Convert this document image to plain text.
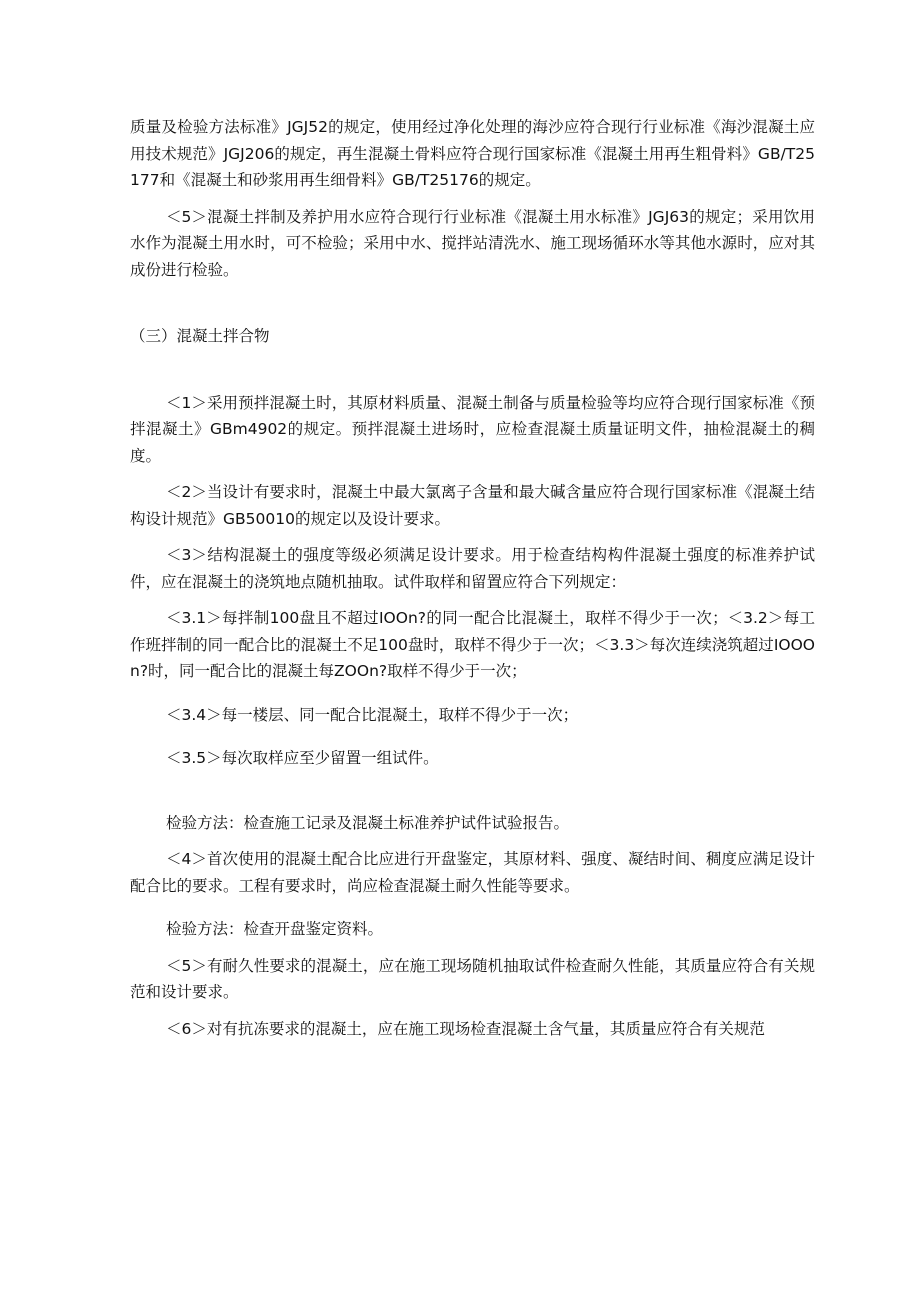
质量及检验方法标准》JGJ52的规定，使用经过净化处理的海沙应符合现行行业标准《海沙混凝土应用技术规范》JGJ206的规定，再生混凝土骨料应符合现行国家标准《混凝土用再生粗骨料》GB/T25177和《混凝土和砂浆用再生细骨料》GB/T25176的规定。

＜5＞混凝土拌制及养护用水应符合现行行业标准《混凝土用水标准》JGJ63的规定；采用饮用水作为混凝土用水时，可不检验；采用中水、搅拌站清洗水、施工现场循环水等其他水源时，应对其成份进行检验。

（三）混凝土拌合物

＜1＞采用预拌混凝土时，其原材料质量、混凝土制备与质量检验等均应符合现行国家标准《预拌混凝土》GBm4902的规定。预拌混凝土进场时，应检查混凝土质量证明文件，抽检混凝土的稠度。

＜2＞当设计有要求时，混凝土中最大氯离子含量和最大碱含量应符合现行国家标准《混凝土结构设计规范》GB50010的规定以及设计要求。

＜3＞结构混凝土的强度等级必须满足设计要求。用于检查结构构件混凝土强度的标准养护试件，应在混凝土的浇筑地点随机抽取。试件取样和留置应符合下列规定：

＜3.1＞每拌制100盘且不超过IOOn?的同一配合比混凝土，取样不得少于一次；＜3.2＞每工作班拌制的同一配合比的混凝土不足100盘时，取样不得少于一次；＜3.3＞每次连续浇筑超过IOOOn?时，同一配合比的混凝土每ZOOn?取样不得少于一次；

＜3.4＞每一楼层、同一配合比混凝土，取样不得少于一次；

＜3.5＞每次取样应至少留置一组试件。

检验方法：检查施工记录及混凝土标准养护试件试验报告。

＜4＞首次使用的混凝土配合比应进行开盘鉴定，其原材料、强度、凝结时间、稠度应满足设计配合比的要求。工程有要求时，尚应检查混凝土耐久性能等要求。

检验方法：检查开盘鉴定资料。

＜5＞有耐久性要求的混凝土，应在施工现场随机抽取试件检查耐久性能，其质量应符合有关规范和设计要求。

＜6＞对有抗冻要求的混凝土，应在施工现场检查混凝土含气量，其质量应符合有关规范
